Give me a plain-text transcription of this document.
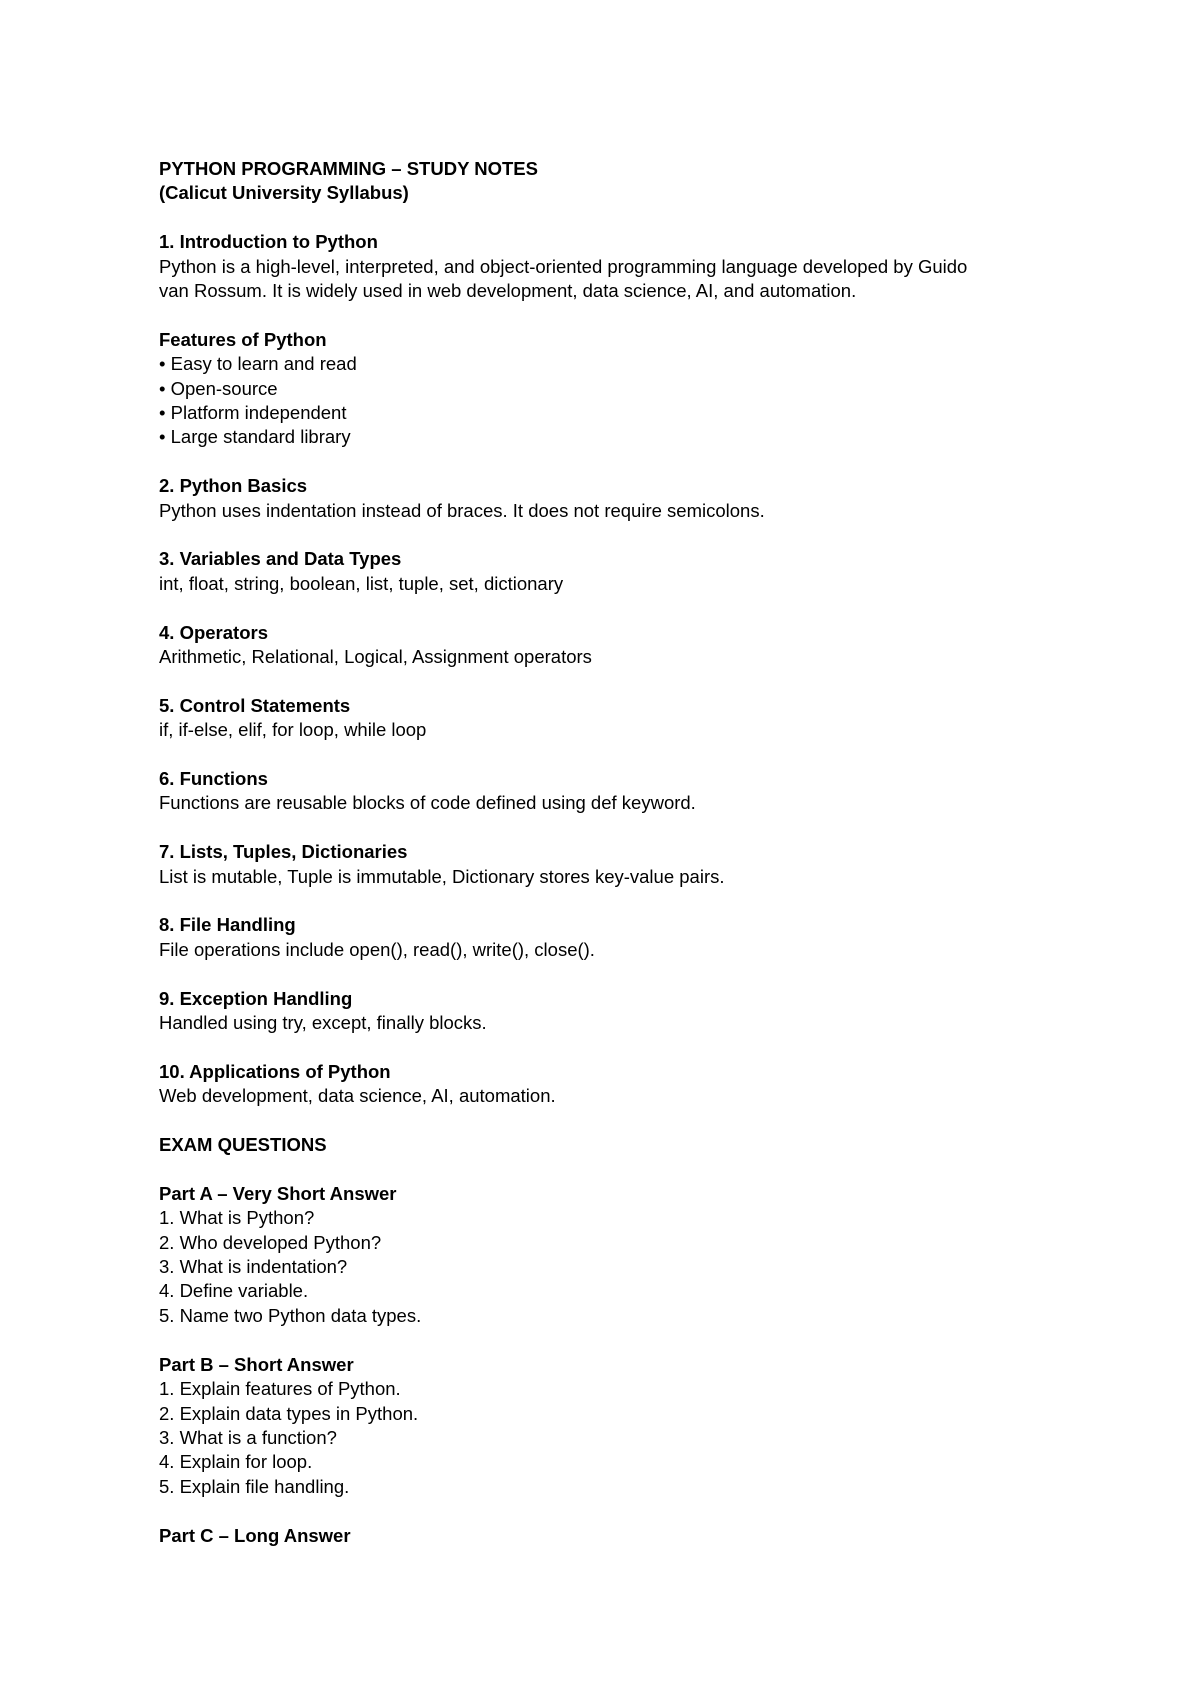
PYTHON PROGRAMMING – STUDY NOTES
(Calicut University Syllabus)
1. Introduction to Python
Python is a high-level, interpreted, and object-oriented programming language developed by Guido
van Rossum. It is widely used in web development, data science, AI, and automation.
Features of Python
• Easy to learn and read
• Open-source
• Platform independent
• Large standard library
2. Python Basics
Python uses indentation instead of braces. It does not require semicolons.
3. Variables and Data Types
int, float, string, boolean, list, tuple, set, dictionary
4. Operators
Arithmetic, Relational, Logical, Assignment operators
5. Control Statements
if, if-else, elif, for loop, while loop
6. Functions
Functions are reusable blocks of code defined using def keyword.
7. Lists, Tuples, Dictionaries
List is mutable, Tuple is immutable, Dictionary stores key-value pairs.
8. File Handling
File operations include open(), read(), write(), close().
9. Exception Handling
Handled using try, except, finally blocks.
10. Applications of Python
Web development, data science, AI, automation.
EXAM QUESTIONS
Part A – Very Short Answer
1. What is Python?
2. Who developed Python?
3. What is indentation?
4. Define variable.
5. Name two Python data types.
Part B – Short Answer
1. Explain features of Python.
2. Explain data types in Python.
3. What is a function?
4. Explain for loop.
5. Explain file handling.
Part C – Long Answer
